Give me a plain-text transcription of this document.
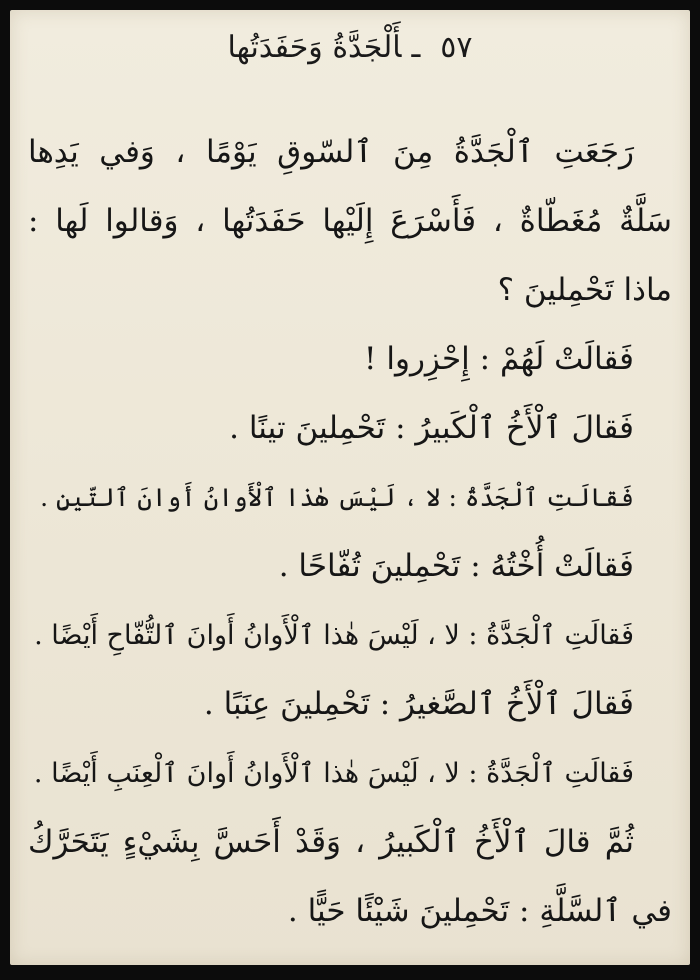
٥٧ـأَلْجَدَّةُ وَحَفَدَتُها
رَجَعَتِ ٱلْجَدَّةُ مِنَ ٱلسّوقِ يَوْمًا ، وَفي يَدِها
سَلَّةٌ مُغَطّاةٌ ، فَأَسْرَعَ إِلَيْها حَفَدَتُها ، وَقالوا لَها :
ماذا تَحْمِلينَ ؟
فَقالَتْ لَهُمْ : إِحْزِروا !
فَقالَ ٱلْأَخُ ٱلْكَبيرُ : تَحْمِلينَ تينًا .
فَقالَتِ ٱلْجَدَّةُ : لا ، لَيْسَ هٰذا ٱلْأَوانُ أَوانَ ٱلتّينِ .
فَقالَتْ أُخْتُهُ : تَحْمِلينَ تُفّاحًا .
فَقالَتِ ٱلْجَدَّةُ : لا ، لَيْسَ هٰذا ٱلْأَوانُ أَوانَ ٱلتُّفّاحِ أَيْضًا .
فَقالَ ٱلْأَخُ ٱلصَّغيرُ : تَحْمِلينَ عِنَبًا .
فَقالَتِ ٱلْجَدَّةُ : لا ، لَيْسَ هٰذا ٱلْأَوانُ أَوانَ ٱلْعِنَبِ أَيْضًا .
ثُمَّ قالَ ٱلْأَخُ ٱلْكَبيرُ ، وَقَدْ أَحَسَّ بِشَيْءٍ يَتَحَرَّكُ
في ٱلسَّلَّةِ : تَحْمِلينَ شَيْئًا حَيًّا .
